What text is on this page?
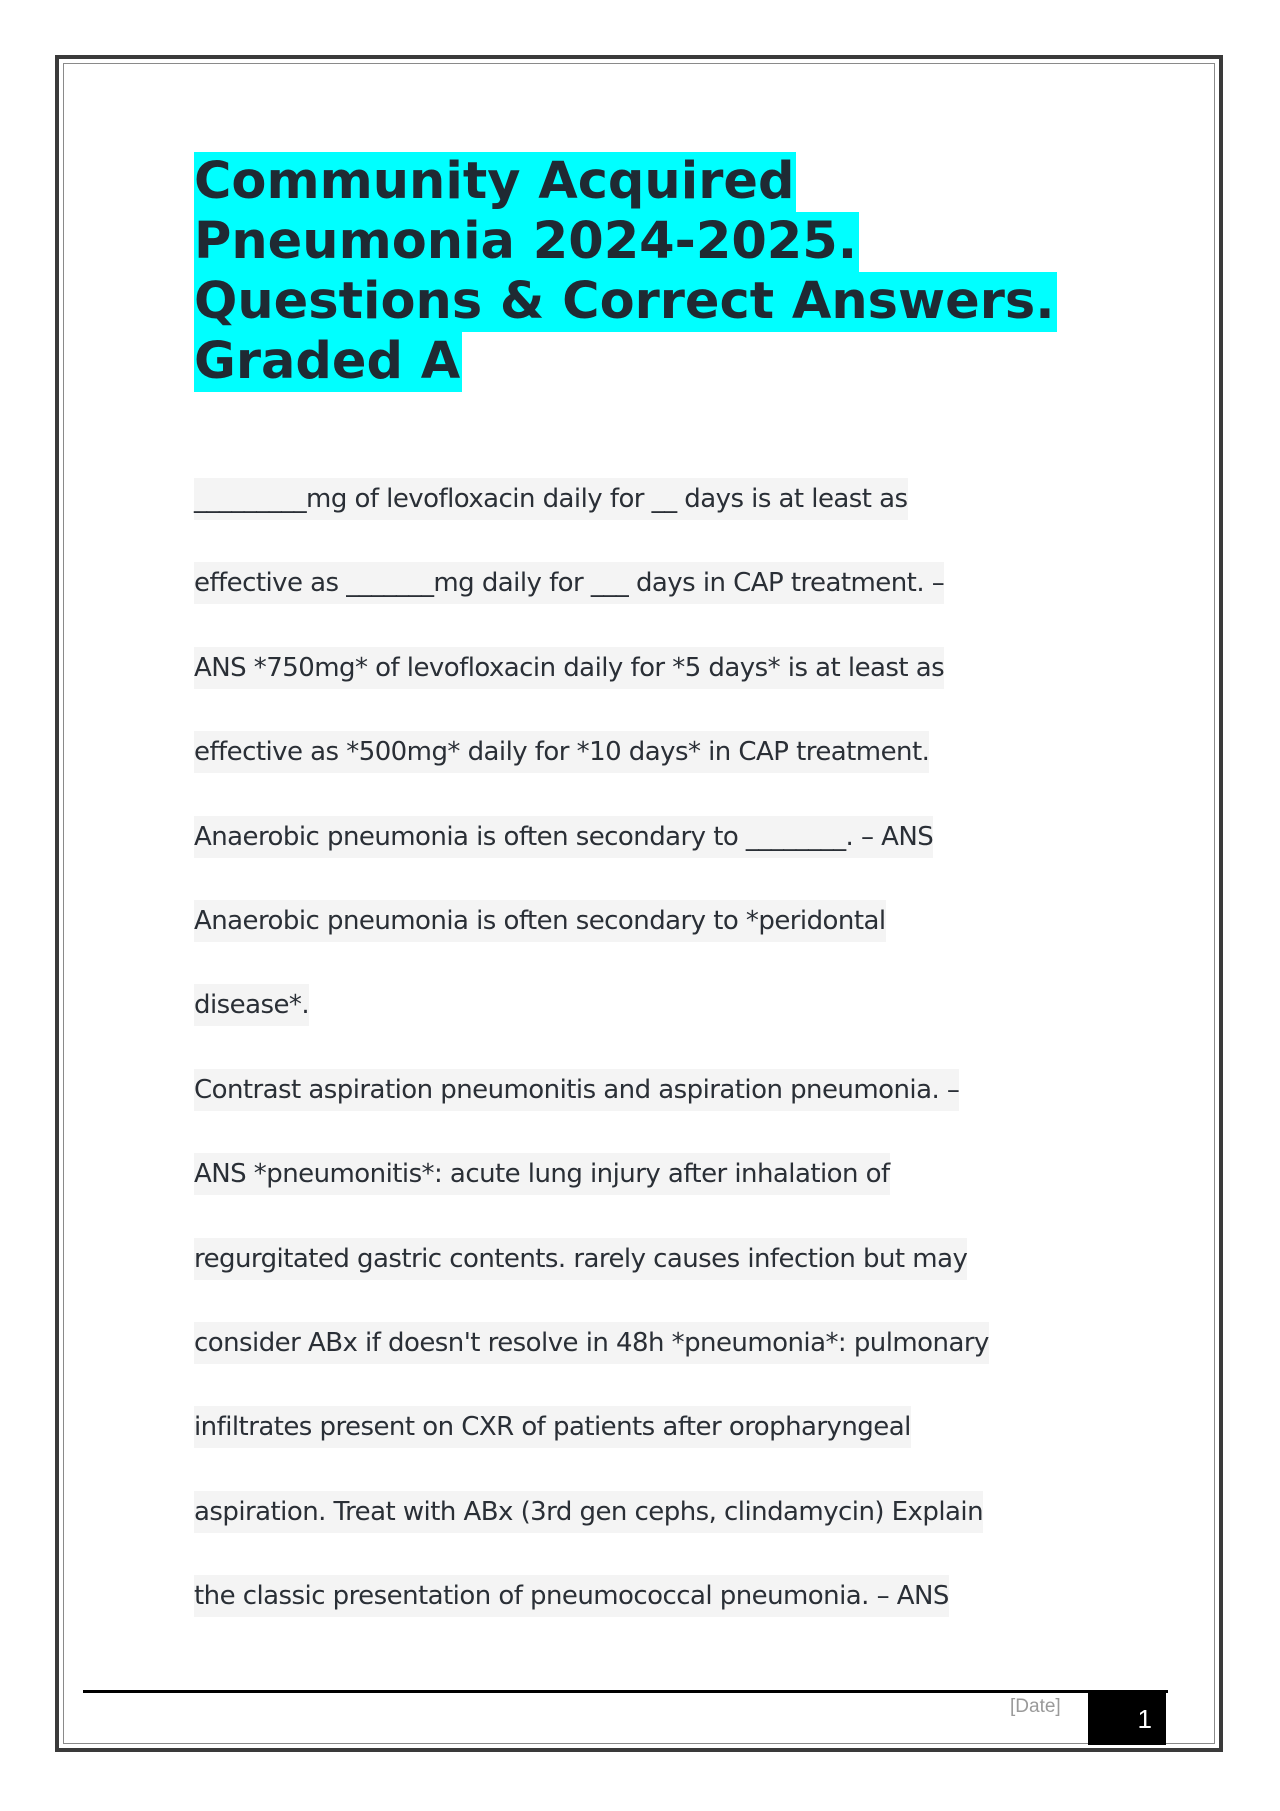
Community Acquired
Pneumonia 2024-2025.
Questions & Correct Answers.
Graded A
_________mg of levofloxacin daily for __ days is at least as
effective as _______mg daily for ___ days in CAP treatment. –
ANS *750mg* of levofloxacin daily for *5 days* is at least as
effective as *500mg* daily for *10 days* in CAP treatment.
Anaerobic pneumonia is often secondary to ________. – ANS
Anaerobic pneumonia is often secondary to *peridontal
disease*.
Contrast aspiration pneumonitis and aspiration pneumonia. –
ANS *pneumonitis*: acute lung injury after inhalation of
regurgitated gastric contents. rarely causes infection but may
consider ABx if doesn't resolve in 48h *pneumonia*: pulmonary
infiltrates present on CXR of patients after oropharyngeal
aspiration. Treat with ABx (3rd gen cephs, clindamycin) Explain
the classic presentation of pneumococcal pneumonia. – ANS
[Date]	1
